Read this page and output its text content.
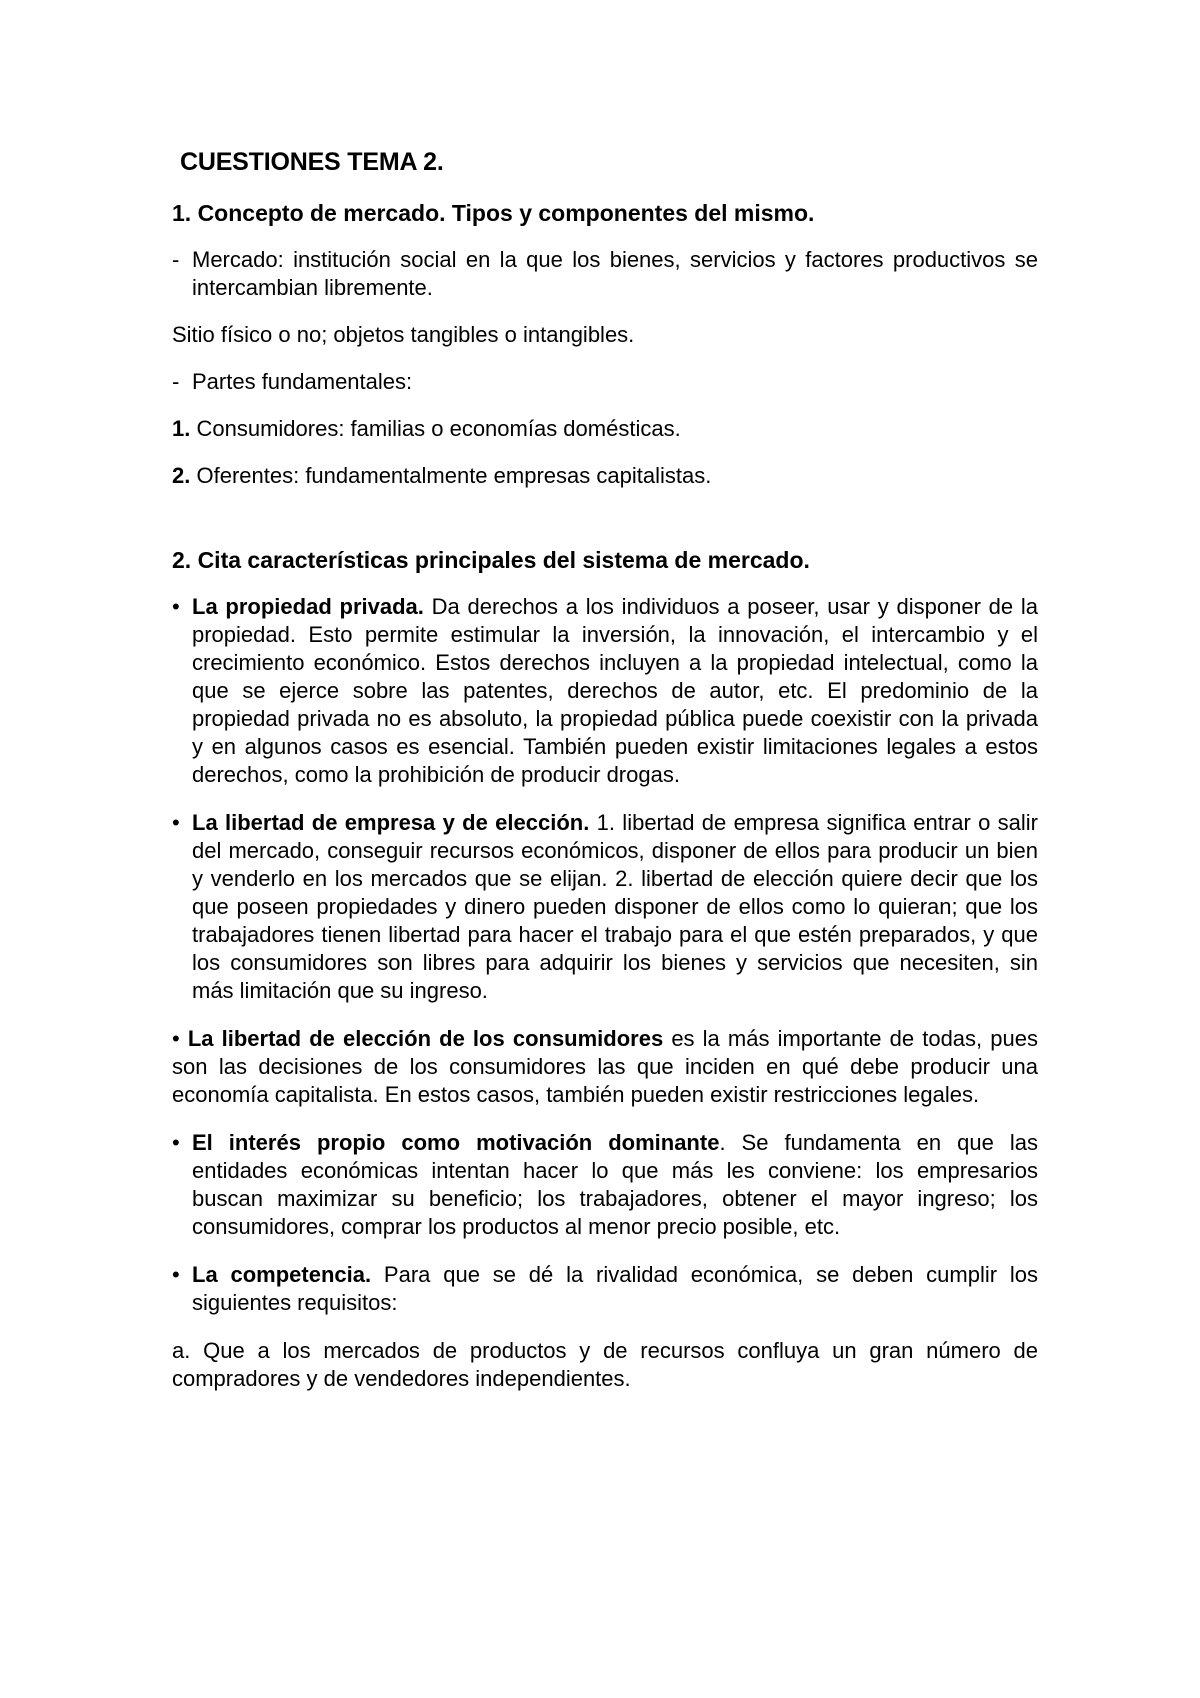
CUESTIONES TEMA 2.
1. Concepto de mercado. Tipos y componentes del mismo.

- Mercado: institución social en la que los bienes, servicios y factores productivos se intercambian libremente.

Sitio físico o no; objetos tangibles o intangibles.

- Partes fundamentales:

1. Consumidores: familias o economías domésticas.

2. Oferentes: fundamentalmente empresas capitalistas.

2. Cita características principales del sistema de mercado.

• La propiedad privada. Da derechos a los individuos a poseer, usar y disponer de la propiedad. Esto permite estimular la inversión, la innovación, el intercambio y el crecimiento económico. Estos derechos incluyen a la propiedad intelectual, como la que se ejerce sobre las patentes, derechos de autor, etc. El predominio de la propiedad privada no es absoluto, la propiedad pública puede coexistir con la privada y en algunos casos es esencial. También pueden existir limitaciones legales a estos derechos, como la prohibición de producir drogas.

• La libertad de empresa y de elección. 1. libertad de empresa significa entrar o salir del mercado, conseguir recursos económicos, disponer de ellos para producir un bien y venderlo en los mercados que se elijan. 2. libertad de elección quiere decir que los que poseen propiedades y dinero pueden disponer de ellos como lo quieran; que los trabajadores tienen libertad para hacer el trabajo para el que estén preparados, y que los consumidores son libres para adquirir los bienes y servicios que necesiten, sin más limitación que su ingreso.

• La libertad de elección de los consumidores es la más importante de todas, pues son las decisiones de los consumidores las que inciden en qué debe producir una economía capitalista. En estos casos, también pueden existir restricciones legales.

• El interés propio como motivación dominante. Se fundamenta en que las entidades económicas intentan hacer lo que más les conviene: los empresarios buscan maximizar su beneficio; los trabajadores, obtener el mayor ingreso; los consumidores, comprar los productos al menor precio posible, etc.

• La competencia. Para que se dé la rivalidad económica, se deben cumplir los siguientes requisitos:

a. Que a los mercados de productos y de recursos confluya un gran número de compradores y de vendedores independientes.
